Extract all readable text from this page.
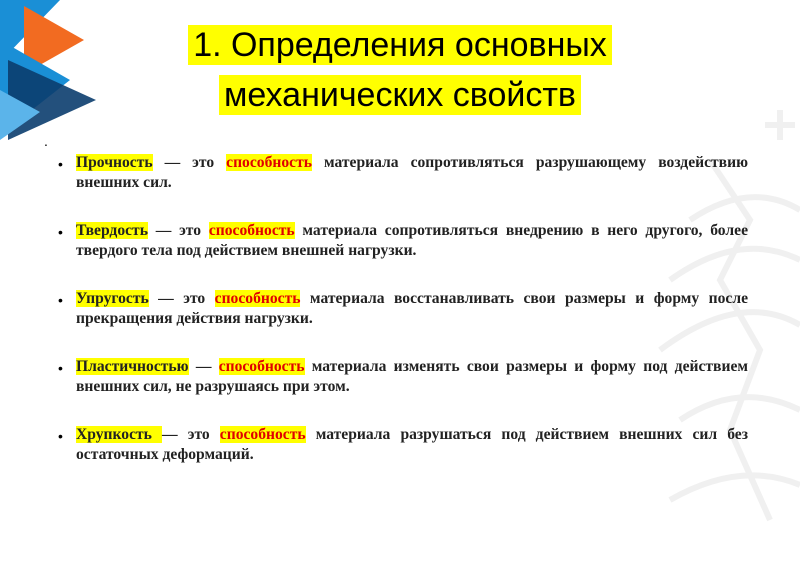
1. Определения основных
механических свойств
.
• Прочность — это способность материала сопротивляться разрушающему воздействию внешних сил.
• Твердость — это способность материала сопротивляться внедрению в него другого, более твердого тела под действием внешней нагрузки.
• Упругость — это способность материала восстанавливать свои размеры и форму после прекращения действия нагрузки.
• Пластичностью — способность материала изменять свои размеры и форму под действием внешних сил, не разрушаясь при этом.
• Хрупкость — это способность материала разрушаться под действием внешних сил без остаточных деформаций.
